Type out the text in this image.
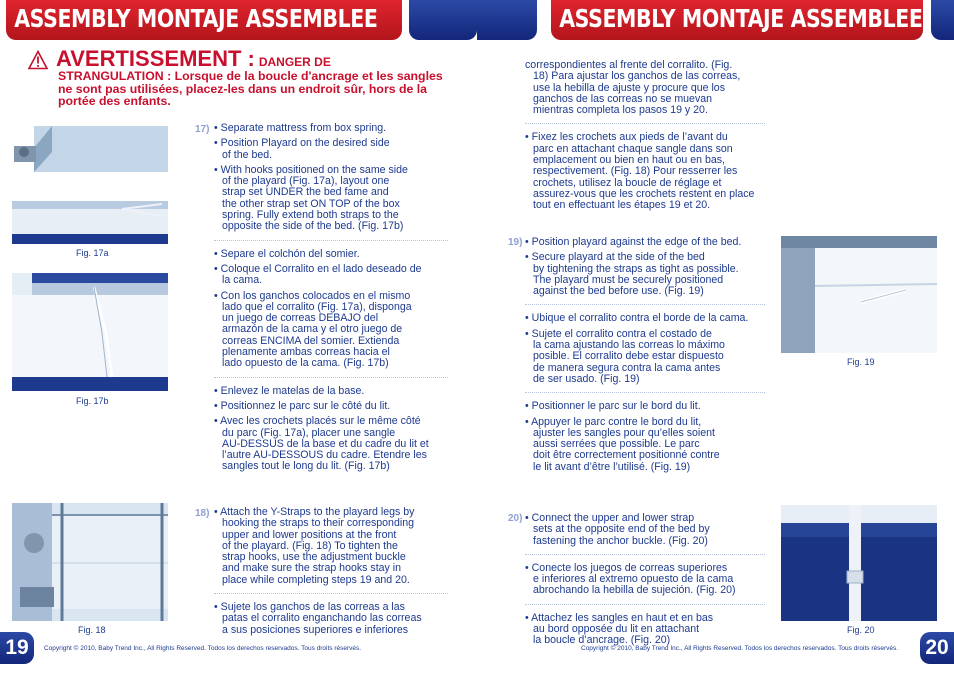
ASSEMBLY MONTAJE ASSEMBLEE
AVERTISSEMENT : DANGER DE
STRANGULATION : Lorsque de la boucle d'ancrage et les sangles ne sont pas utilisées, placez-les dans un endroit sûr, hors de la portée des enfants.
Fig. 17a
Fig. 17b
Fig. 18
17) • Separate mattress from box spring.
• Position Playard on the desired side
of the bed.
• With hooks positioned on the same side
of the playard (Fig. 17a), layout one
strap set UNDER the bed fame and
the other strap set ON TOP of the box
spring. Fully extend both straps to the
opposite the side of the bed. (Fig. 17b)
• Separe el colchón del somier.
• Coloque el Corralito en el lado deseado de
la cama.
• Con los ganchos colocados en el mismo
lado que el corralito (Fig. 17a), disponga
un juego de correas DEBAJO del
armazón de la cama y el otro juego de
correas ENCIMA del somier. Extienda
plenamente ambas correas hacia el
lado opuesto de la cama. (Fig. 17b)
• Enlevez le matelas de la base.
• Positionnez le parc sur le côté du lit.
• Avec les crochets placés sur le même côté
du parc (Fig. 17a), placer une sangle
AU-DESSUS de la base et du cadre du lit et
l’autre AU-DESSOUS du cadre. Etendre les
sangles tout le long du lit. (Fig. 17b)
18) • Attach the Y-Straps to the playard legs by
hooking the straps to their corresponding
upper and lower positions at the front
of the playard. (Fig. 18) To tighten the
strap hooks, use the adjustment buckle
and make sure the strap hooks stay in
place while completing steps 19 and 20.
• Sujete los ganchos de las correas a las
patas el corralito enganchando las correas
a sus posiciones superiores e inferiores
19	Copyright © 2010, Baby Trend Inc., All Rights Reserved. Todos los derechos reservados. Tous droits réservés.
ASSEMBLY MONTAJE ASSEMBLEE
correspondientes al frente del corralito. (Fig.
18) Para ajustar los ganchos de las correas,
use la hebilla de ajuste y procure que los
ganchos de las correas no se muevan
mientras completa los pasos 19 y 20.
• Fixez les crochets aux pieds de l’avant du
parc en attachant chaque sangle dans son
emplacement ou bien en haut ou en bas,
respectivement. (Fig. 18) Pour resserrer les
crochets, utilisez la boucle de réglage et
assurez-vous que les crochets restent en place
tout en effectuant les étapes 19 et 20.
19) • Position playard against the edge of the bed.
• Secure playard at the side of the bed
by tightening the straps as tight as possible.
The playard must be securely positioned
against the bed before use. (Fig. 19)
• Ubique el corralito contra el borde de la cama.
• Sujete el corralito contra el costado de
la cama ajustando las correas lo máximo
posible. El corralito debe estar dispuesto
de manera segura contra la cama antes
de ser usado. (Fig. 19)
• Positionner le parc sur le bord du lit.
• Appuyer le parc contre le bord du lit,
ajuster les sangles pour qu’elles soient
aussi serrées que possible. Le parc
doit être correctement positionné contre
le lit avant d’être l’utilisé. (Fig. 19)
20) • Connect the upper and lower strap
sets at the opposite end of the bed by
fastening the anchor buckle. (Fig. 20)
• Conecte los juegos de correas superiores
e inferiores al extremo opuesto de la cama
abrochando la hebilla de sujeción. (Fig. 20)
• Attachez les sangles en haut et en bas
au bord opposée du lit en attachant
la boucle d’ancrage. (Fig. 20)
Fig. 19
Fig. 20
20
Copyright © 2010, Baby Trend Inc., All Rights Reserved. Todos los derechos reservados. Tous droits réservés.
